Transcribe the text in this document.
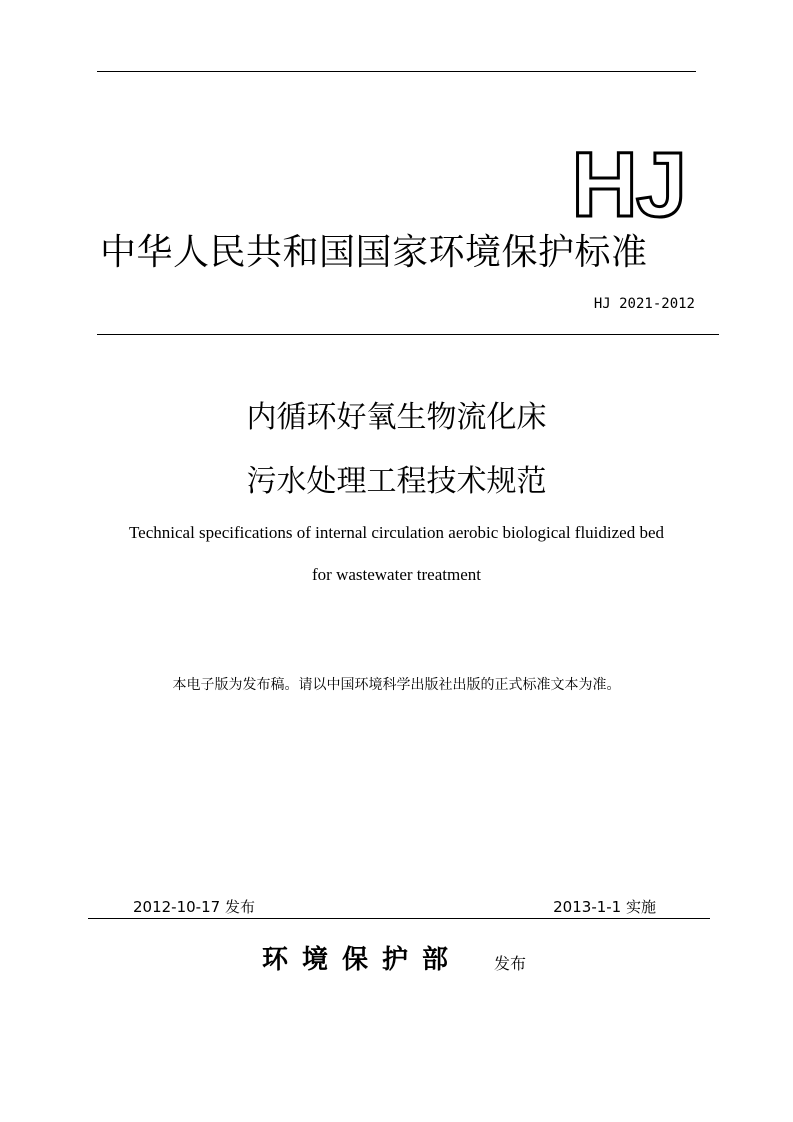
HJ
中华人民共和国国家环境保护标准
HJ 2021-2012
内循环好氧生物流化床
污水处理工程技术规范
Technical specifications of internal circulation aerobic biological fluidized bed
for wastewater treatment
本电子版为发布稿。请以中国环境科学出版社出版的正式标准文本为准。
2012-10-17 发布	2013-1-1 实施
环境保护部	发布
